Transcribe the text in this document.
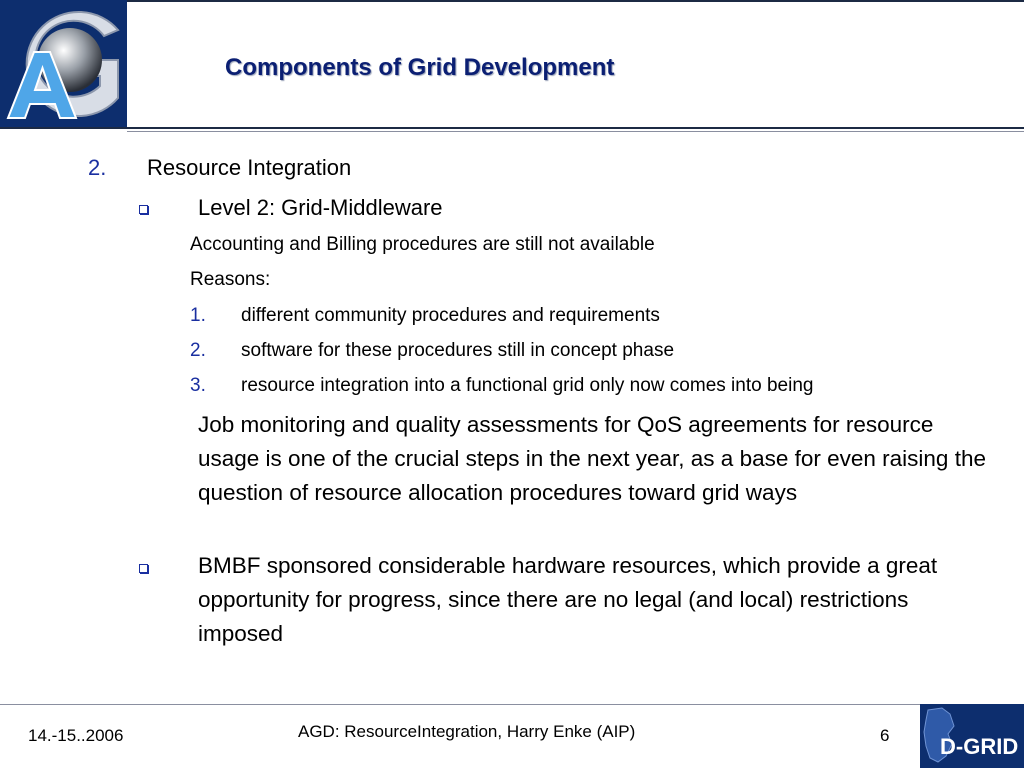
Components of Grid Development
2. Resource Integration
Level 2: Grid-Middleware
Accounting and Billing procedures are still not available
Reasons:
1. different community procedures and requirements
2. software for these procedures still in concept phase
3. resource integration into a functional grid only now comes into being
Job monitoring and quality assessments for QoS agreements for resource usage is one of the crucial steps in the next year, as a base for even raising the question of resource allocation procedures toward grid ways
BMBF sponsored considerable hardware resources, which provide a great opportunity for progress, since there are no legal (and local) restrictions imposed
14.-15..2006	AGD: ResourceIntegration, Harry Enke (AIP)	6 D-GRID
